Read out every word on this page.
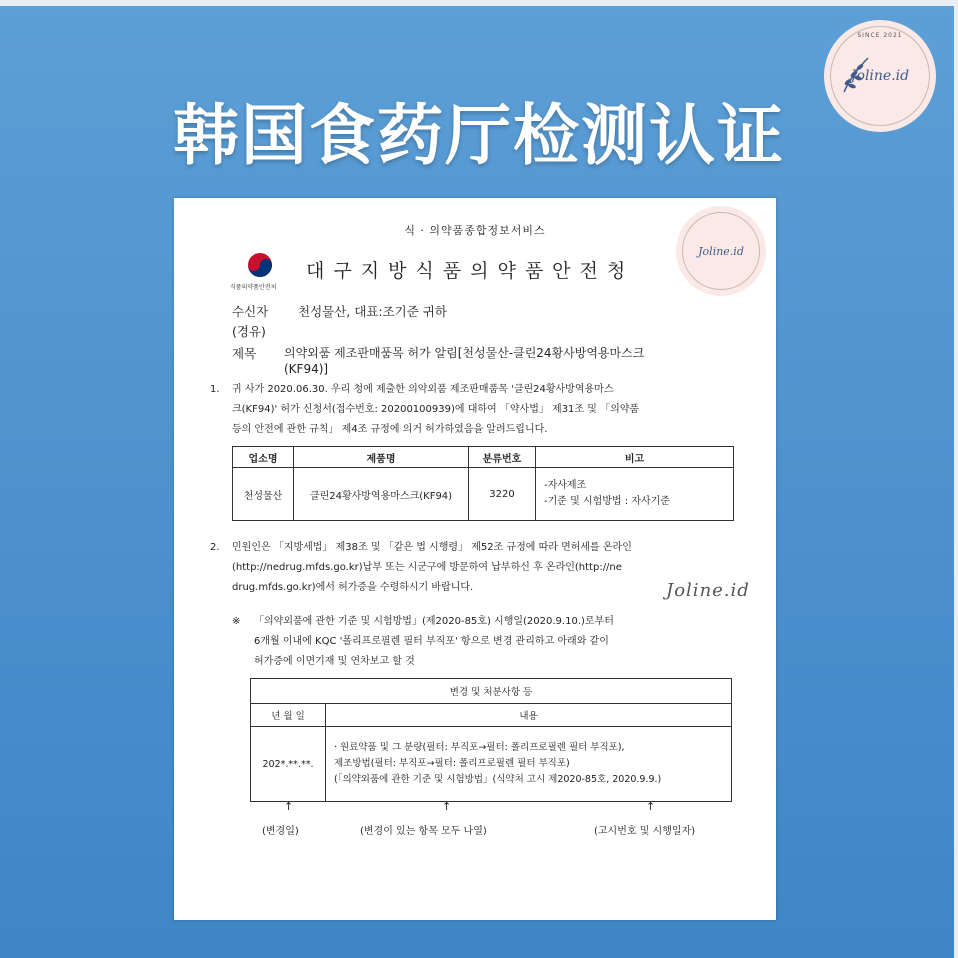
韩国食药厅检测认证
SINCE 2021
Joline.id
식 · 의약품종합정보서비스
식품의약품안전처
대구지방식품의약품안전청
Joline.id
수신자 천성물산, 대표:조기준 귀하
(경유)
제목 의약외품 제조판매품목 허가 알림[천성물산-클린24황사방역용마스크
(KF94)]
1. 귀 사가 2020.06.30. 우리 청에 제출한 의약외품 제조판매품목 '클린24황사방역용마스
크(KF94)' 허가 신청서(접수번호: 20200100939)에 대하여 「약사법」 제31조 및 「의약품
등의 안전에 관한 규칙」 제4조 규정에 의거 허가하였음을 알려드립니다.
업소명	제품명	분류번호	비고
천성물산	클린24황사방역용마스크(KF94)	3220	-자사제조
-기준 및 시험방법 : 자사기준
2. 민원인은 「지방세법」 제38조 및 「같은 법 시행령」 제52조 규정에 따라 면허세를 온라인
(http://nedrug.mfds.go.kr)납부 또는 시군구에 방문하여 납부하신 후 온라인(http://ne
drug.mfds.go.kr)에서 허가증을 수령하시기 바랍니다.
※ 「의약외품에 관한 기준 및 시험방법」(제2020-85호) 시행일(2020.9.10.)로부터
6개월 이내에 KQC '폴리프로필렌 필터 부직포' 항으로 변경 관리하고 아래와 같이
허가증에 이면기재 및 연차보고 할 것
변경 및 처분사항 등	
년 월 일	내용
202*.**.**.	· 원료약품 및 그 분량(필터: 부직포→필터: 폴리프로필렌 필터 부직포),
제조방법(필터: 부직포→필터: 폴리프로필렌 필터 부직포)
(「의약외품에 관한 기준 및 시험방법」(식약처 고시 제2020-85호, 2020.9.9.)
↑	↑	↑
(변경일)	(변경이 있는 항목 모두 나열)	(고시번호 및 시행일자)
Joline.id
